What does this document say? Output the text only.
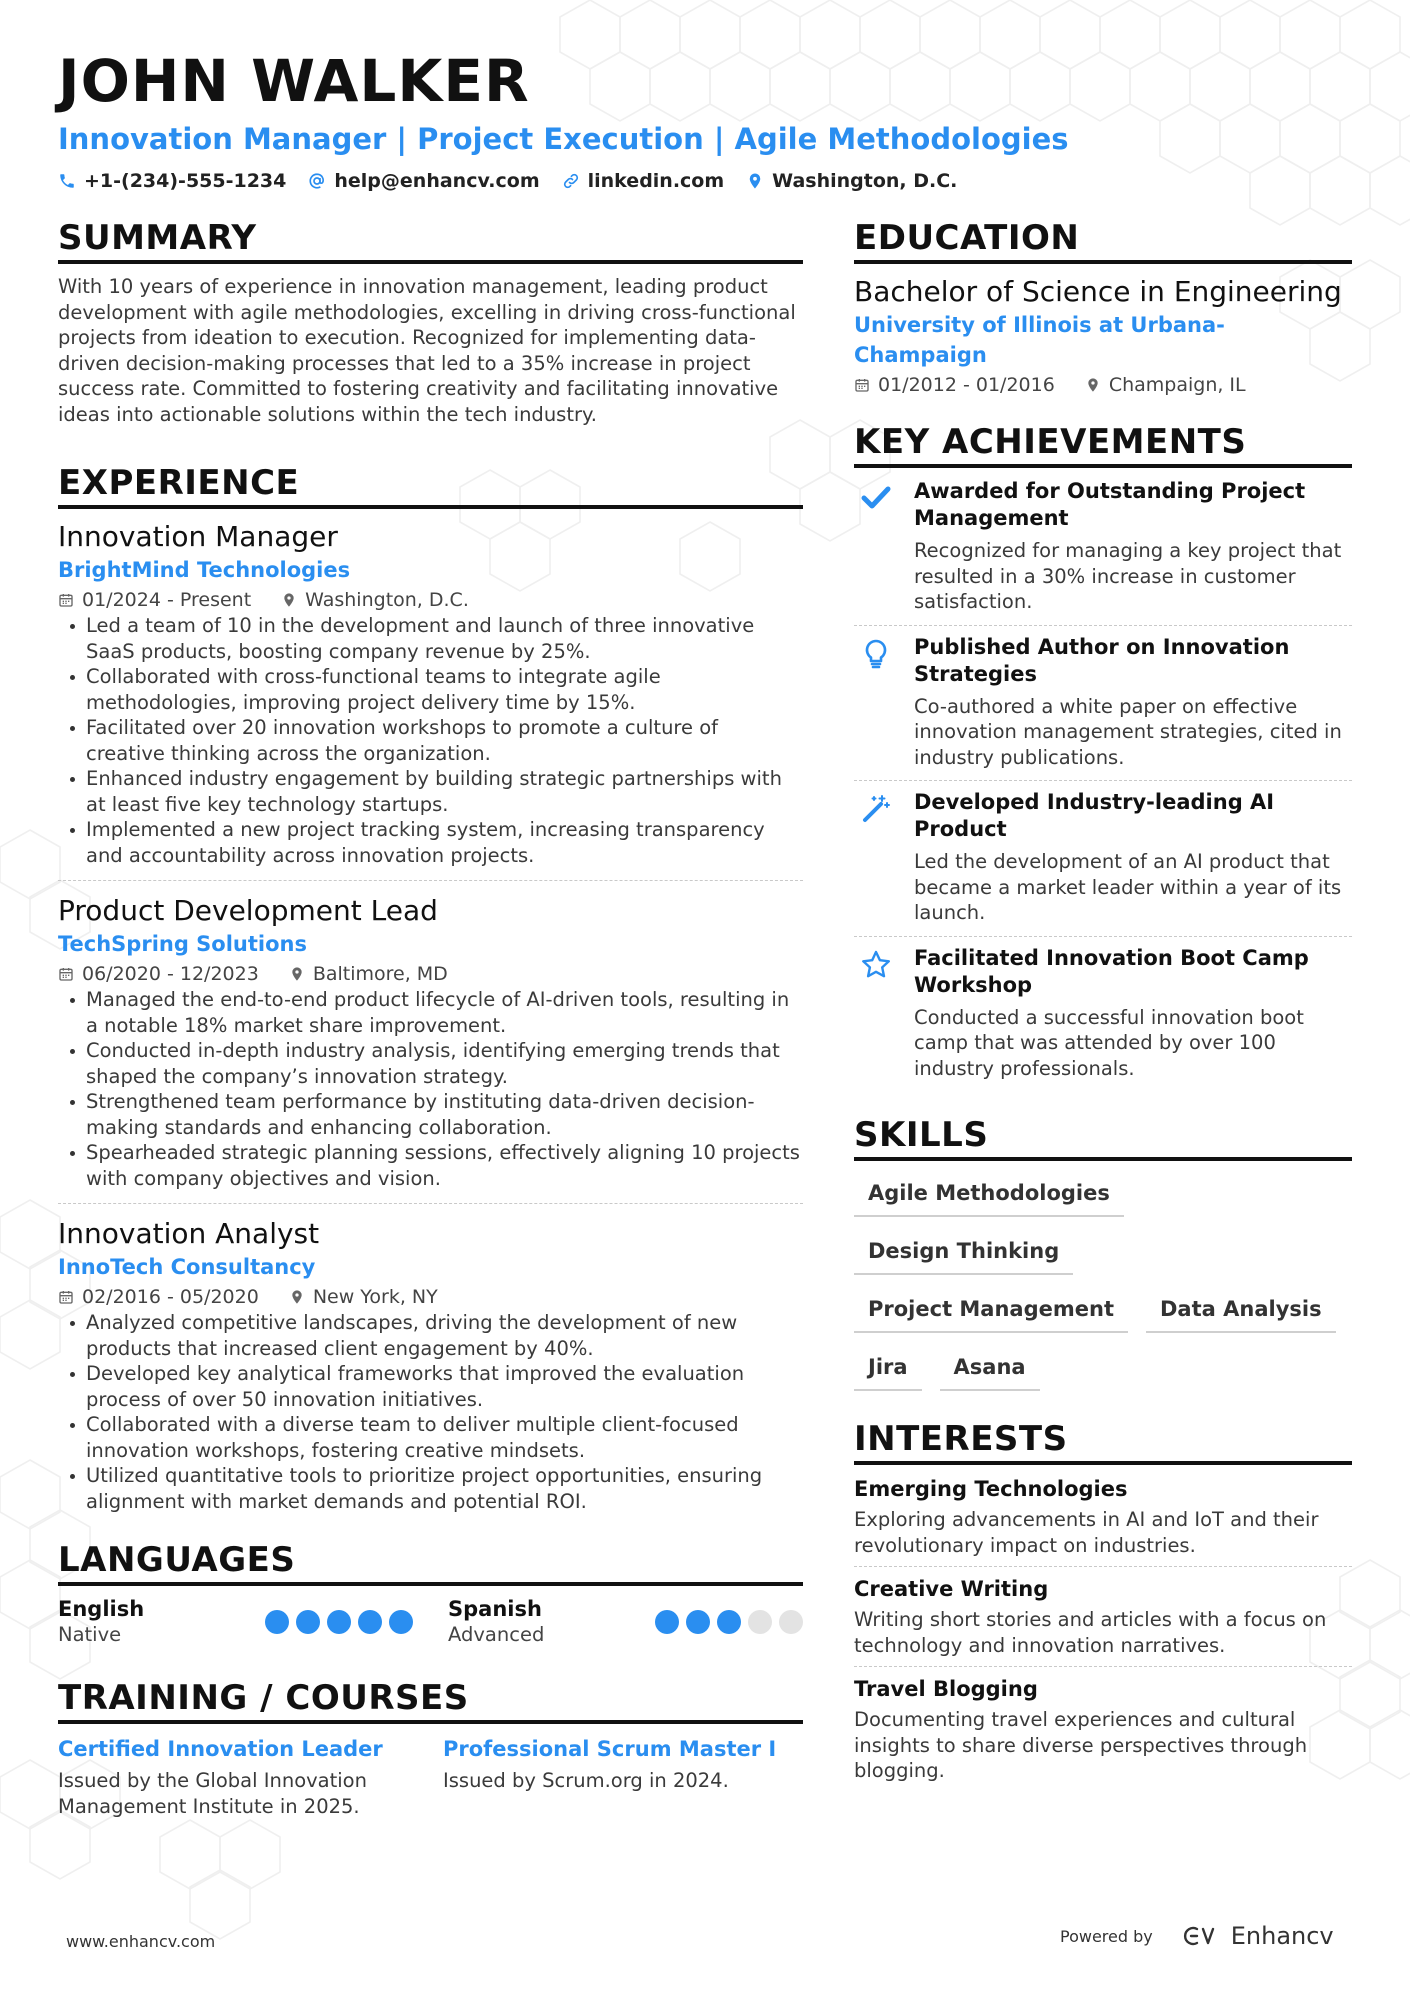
JOHN WALKER
Innovation Manager | Project Execution | Agile Methodologies
+1-(234)-555-1234	help@enhancv.com	linkedin.com	Washington, D.C.
SUMMARY
With 10 years of experience in innovation management, leading product development with agile methodologies, excelling in driving cross-functional projects from ideation to execution. Recognized for implementing data-driven decision-making processes that led to a 35% increase in project success rate. Committed to fostering creativity and facilitating innovative ideas into actionable solutions within the tech industry.
EXPERIENCE
Innovation Manager
BrightMind Technologies
01/2024 - Present	Washington, D.C.
Led a team of 10 in the development and launch of three innovative SaaS products, boosting company revenue by 25%.
Collaborated with cross-functional teams to integrate agile methodologies, improving project delivery time by 15%.
Facilitated over 20 innovation workshops to promote a culture of creative thinking across the organization.
Enhanced industry engagement by building strategic partnerships with at least five key technology startups.
Implemented a new project tracking system, increasing transparency and accountability across innovation projects.
Product Development Lead
TechSpring Solutions
06/2020 - 12/2023	Baltimore, MD
Managed the end-to-end product lifecycle of AI-driven tools, resulting in a notable 18% market share improvement.
Conducted in-depth industry analysis, identifying emerging trends that shaped the company’s innovation strategy.
Strengthened team performance by instituting data-driven decision-making standards and enhancing collaboration.
Spearheaded strategic planning sessions, effectively aligning 10 projects with company objectives and vision.
Innovation Analyst
InnoTech Consultancy
02/2016 - 05/2020	New York, NY
Analyzed competitive landscapes, driving the development of new products that increased client engagement by 40%.
Developed key analytical frameworks that improved the evaluation process of over 50 innovation initiatives.
Collaborated with a diverse team to deliver multiple client-focused innovation workshops, fostering creative mindsets.
Utilized quantitative tools to prioritize project opportunities, ensuring alignment with market demands and potential ROI.
LANGUAGES
English
Native
Spanish
Advanced
TRAINING / COURSES
Certified Innovation Leader
Issued by the Global Innovation Management Institute in 2025.
Professional Scrum Master I
Issued by Scrum.org in 2024.
EDUCATION
Bachelor of Science in Engineering
University of Illinois at Urbana-Champaign
01/2012 - 01/2016	Champaign, IL
KEY ACHIEVEMENTS
Awarded for Outstanding Project Management
Recognized for managing a key project that resulted in a 30% increase in customer satisfaction.
Published Author on Innovation Strategies
Co-authored a white paper on effective innovation management strategies, cited in industry publications.
Developed Industry-leading AI Product
Led the development of an AI product that became a market leader within a year of its launch.
Facilitated Innovation Boot Camp Workshop
Conducted a successful innovation boot camp that was attended by over 100 industry professionals.
SKILLS
Agile Methodologies
Design Thinking
Project Management	Data Analysis
Jira	Asana
INTERESTS
Emerging Technologies
Exploring advancements in AI and IoT and their revolutionary impact on industries.
Creative Writing
Writing short stories and articles with a focus on technology and innovation narratives.
Travel Blogging
Documenting travel experiences and cultural insights to share diverse perspectives through blogging.
www.enhancv.com	Powered by	Enhancv
